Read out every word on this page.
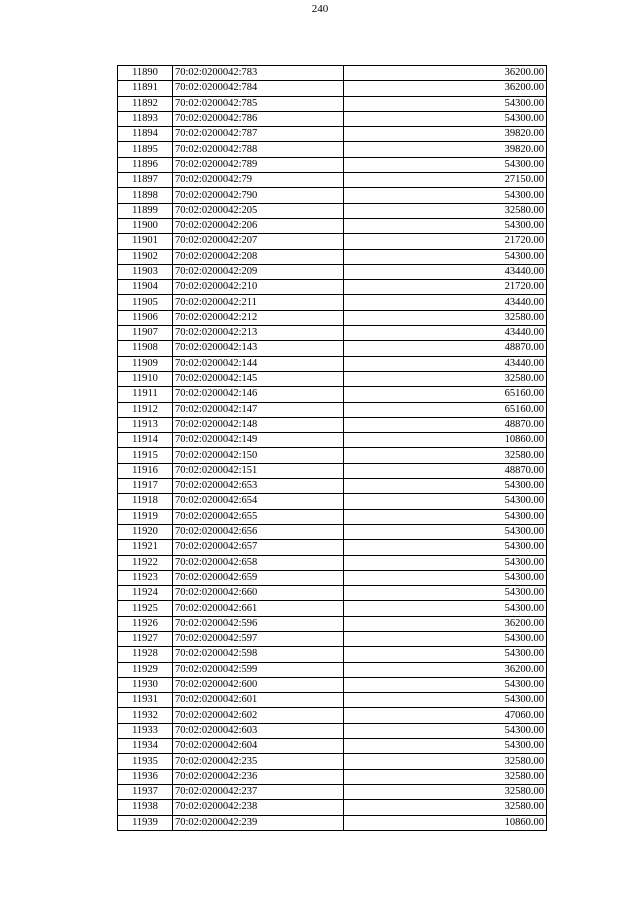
240
11890	70:02:0200042:783	36200.00
11891	70:02:0200042:784	36200.00
11892	70:02:0200042:785	54300.00
11893	70:02:0200042:786	54300.00
11894	70:02:0200042:787	39820.00
11895	70:02:0200042:788	39820.00
11896	70:02:0200042:789	54300.00
11897	70:02:0200042:79	27150.00
11898	70:02:0200042:790	54300.00
11899	70:02:0200042:205	32580.00
11900	70:02:0200042:206	54300.00
11901	70:02:0200042:207	21720.00
11902	70:02:0200042:208	54300.00
11903	70:02:0200042:209	43440.00
11904	70:02:0200042:210	21720.00
11905	70:02:0200042:211	43440.00
11906	70:02:0200042:212	32580.00
11907	70:02:0200042:213	43440.00
11908	70:02:0200042:143	48870.00
11909	70:02:0200042:144	43440.00
11910	70:02:0200042:145	32580.00
11911	70:02:0200042:146	65160.00
11912	70:02:0200042:147	65160.00
11913	70:02:0200042:148	48870.00
11914	70:02:0200042:149	10860.00
11915	70:02:0200042:150	32580.00
11916	70:02:0200042:151	48870.00
11917	70:02:0200042:653	54300.00
11918	70:02:0200042:654	54300.00
11919	70:02:0200042:655	54300.00
11920	70:02:0200042:656	54300.00
11921	70:02:0200042:657	54300.00
11922	70:02:0200042:658	54300.00
11923	70:02:0200042:659	54300.00
11924	70:02:0200042:660	54300.00
11925	70:02:0200042:661	54300.00
11926	70:02:0200042:596	36200.00
11927	70:02:0200042:597	54300.00
11928	70:02:0200042:598	54300.00
11929	70:02:0200042:599	36200.00
11930	70:02:0200042:600	54300.00
11931	70:02:0200042:601	54300.00
11932	70:02:0200042:602	47060.00
11933	70:02:0200042:603	54300.00
11934	70:02:0200042:604	54300.00
11935	70:02:0200042:235	32580.00
11936	70:02:0200042:236	32580.00
11937	70:02:0200042:237	32580.00
11938	70:02:0200042:238	32580.00
11939	70:02:0200042:239	10860.00
